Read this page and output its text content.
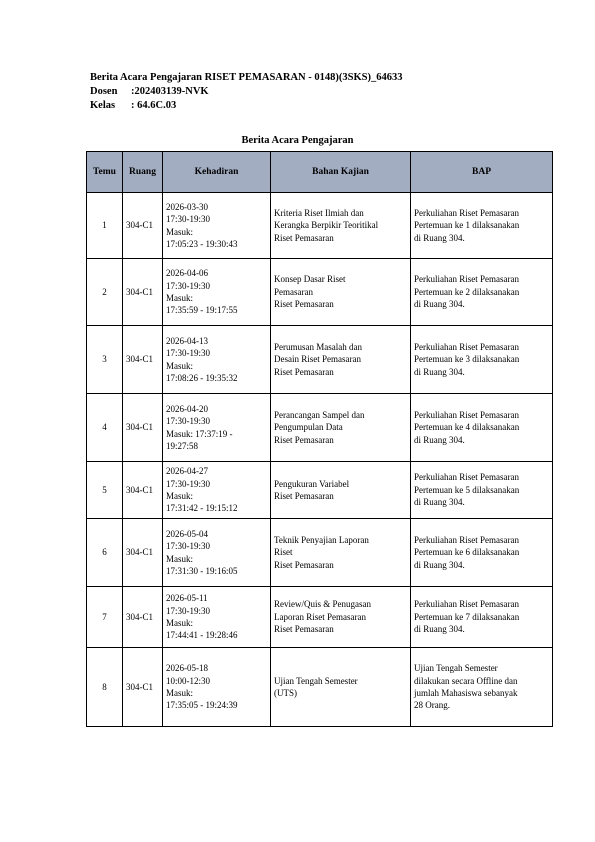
Berita Acara Pengajaran RISET PEMASARAN - 0148)(3SKS)_64633
Dosen :202403139-NVK
Kelas : 64.6C.03
Berita Acara Pengajaran
Temu	Ruang	Kehadiran	Bahan Kajian	BAP
1	304-C1	2026-03-30
17:30-19:30
Masuk:
17:05:23 - 19:30:43	Kriteria Riset Ilmiah dan
Kerangka Berpikir Teoritikal
Riset Pemasaran	Perkuliahan Riset Pemasaran
Pertemuan ke 1 dilaksanakan
di Ruang 304.

2	304-C1	2026-04-06
17:30-19:30
Masuk:
17:35:59 - 19:17:55	Konsep Dasar Riset
Pemasaran
Riset Pemasaran	Perkuliahan Riset Pemasaran
Pertemuan ke 2 dilaksanakan
di Ruang 304.

3	304-C1	2026-04-13
17:30-19:30
Masuk:
17:08:26 - 19:35:32	Perumusan Masalah dan
Desain Riset Pemasaran
Riset Pemasaran	Perkuliahan Riset Pemasaran
Pertemuan ke 3 dilaksanakan
di Ruang 304.

4	304-C1	2026-04-20
17:30-19:30
Masuk: 17:37:19 -
19:27:58	Perancangan Sampel dan
Pengumpulan Data
Riset Pemasaran	Perkuliahan Riset Pemasaran
Pertemuan ke 4 dilaksanakan
di Ruang 304.

5	304-C1	2026-04-27
17:30-19:30
Masuk:
17:31:42 - 19:15:12	Pengukuran Variabel
Riset Pemasaran	Perkuliahan Riset Pemasaran
Pertemuan ke 5 dilaksanakan
di Ruang 304.

6	304-C1	2026-05-04
17:30-19:30
Masuk:
17:31:30 - 19:16:05	Teknik Penyajian Laporan
Riset
Riset Pemasaran	Perkuliahan Riset Pemasaran
Pertemuan ke 6 dilaksanakan
di Ruang 304.

7	304-C1	2026-05-11
17:30-19:30
Masuk:
17:44:41 - 19:28:46	Review/Quis & Penugasan
Laporan Riset Pemasaran
Riset Pemasaran	Perkuliahan Riset Pemasaran
Pertemuan ke 7 dilaksanakan
di Ruang 304.

8	304-C1	2026-05-18
10:00-12:30
Masuk:
17:35:05 - 19:24:39	Ujian Tengah Semester
(UTS)	Ujian Tengah Semester
dilakukan secara Offline dan
jumlah Mahasiswa sebanyak
28 Orang.
